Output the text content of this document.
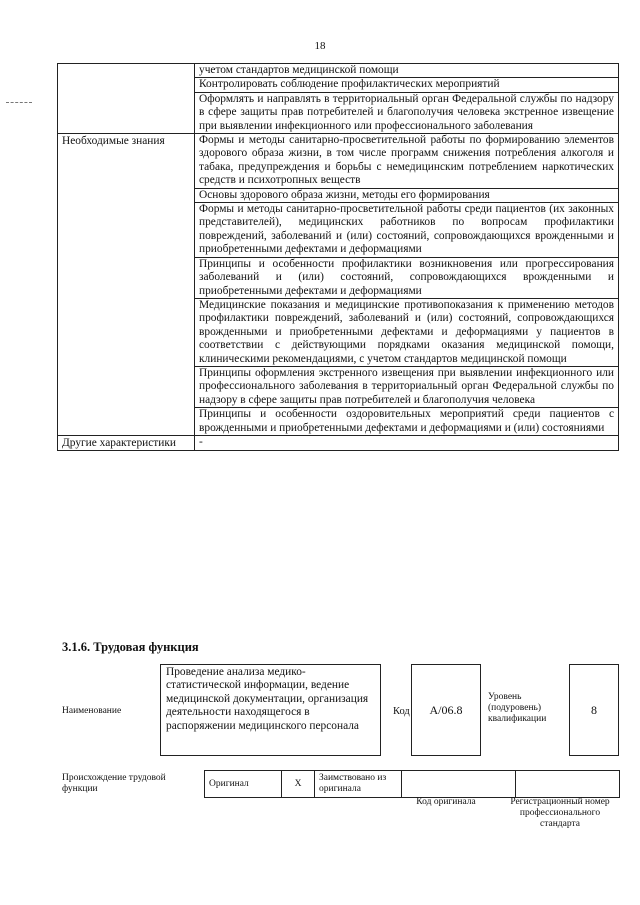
18
	учетом стандартов медицинской помощи
	Контролировать соблюдение профилактических мероприятий
	Оформлять и направлять в территориальный орган Федеральной службы по надзору в сфере защиты прав потребителей и благополучия человека экстренное извещение при выявлении инфекционного или профессионального заболевания
Необходимые знания	Формы и методы санитарно-просветительной работы по формированию элементов здорового образа жизни, в том числе программ снижения потребления алкоголя и табака, предупреждения и борьбы с немедицинским потреблением наркотических средств и психотропных веществ
	Основы здорового образа жизни, методы его формирования
	Формы и методы санитарно-просветительной работы среди пациентов (их законных представителей), медицинских работников по вопросам профилактики повреждений, заболеваний и (или) состояний, сопровождающихся врожденными и приобретенными дефектами и деформациями
	Принципы и особенности профилактики возникновения или прогрессирования заболеваний и (или) состояний, сопровождающихся врожденными и приобретенными дефектами и деформациями
	Медицинские показания и медицинские противопоказания к применению методов профилактики повреждений, заболеваний и (или) состояний, сопровождающихся врожденными и приобретенными дефектами и деформациями у пациентов в соответствии с действующими порядками оказания медицинской помощи, клиническими рекомендациями, с учетом стандартов медицинской помощи
	Принципы оформления экстренного извещения при выявлении инфекционного или профессионального заболевания в территориальный орган Федеральной службы по надзору в сфере защиты прав потребителей и благополучия человека
	Принципы и особенности оздоровительных мероприятий среди пациентов с врожденными и приобретенными дефектами и деформациями и (или) состояниями
Другие характеристики	-
3.1.6. Трудовая функция
Наименование
Проведение анализа медико-статистической информации, ведение медицинской документации, организация деятельности находящегося в распоряжении медицинского персонала
Код	A/06.8
Уровень (подуровень) квалификации
8
Происхождение трудовой функции
Оригинал	X	Заимствовано из оригинала		
Код оригинала	Регистрационный номер профессионального стандарта
